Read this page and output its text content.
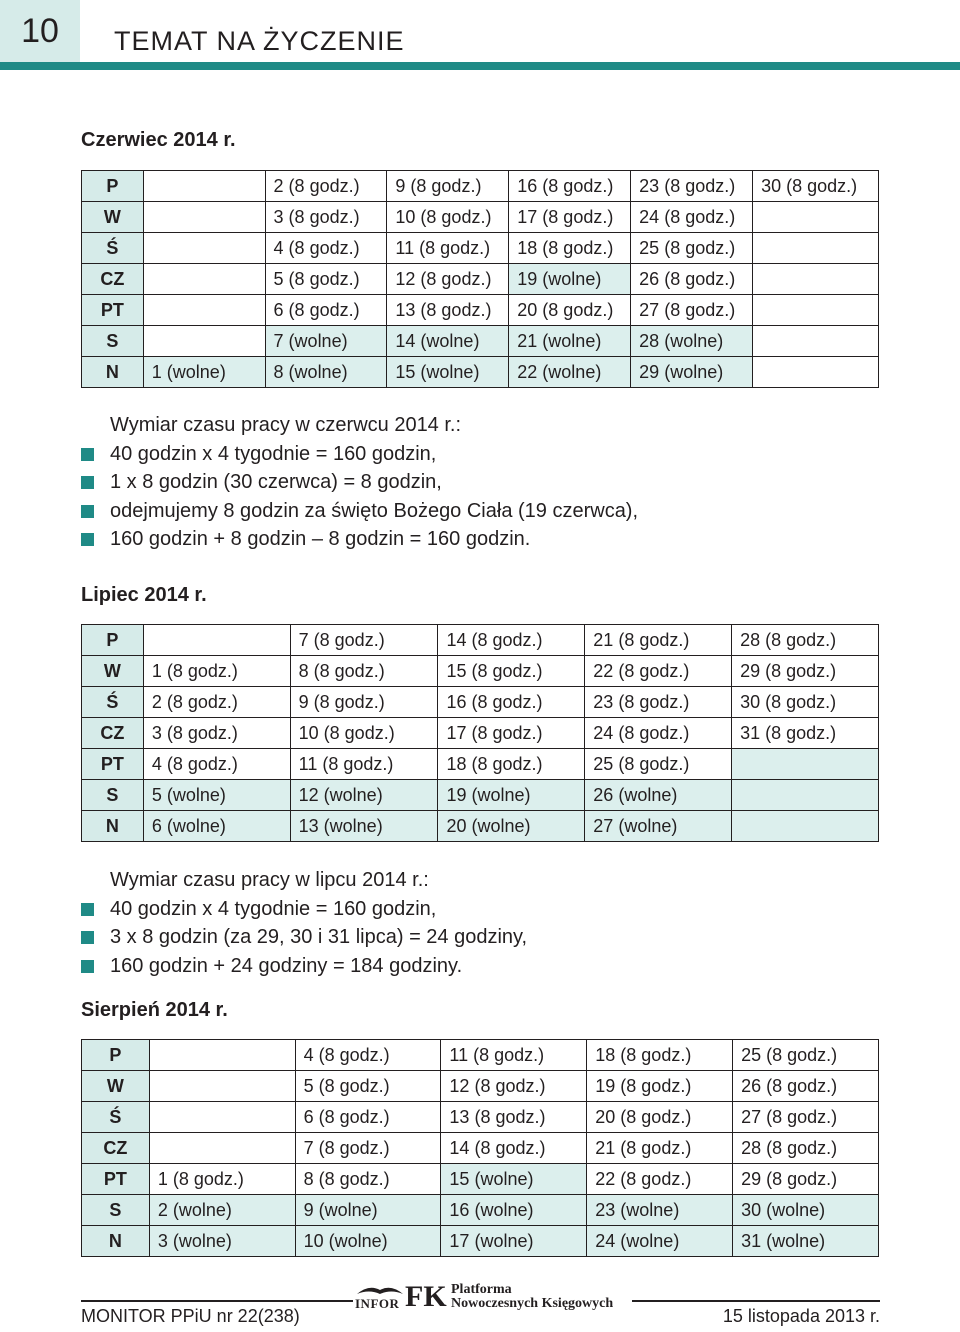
10	TEMAT NA ŻYCZENIE
Czerwiec 2014 r.
P		2 (8 godz.)	9 (8 godz.)	16 (8 godz.)	23 (8 godz.)	30 (8 godz.)
W		3 (8 godz.)	10 (8 godz.)	17 (8 godz.)	24 (8 godz.)	
Ś		4 (8 godz.)	11 (8 godz.)	18 (8 godz.)	25 (8 godz.)	
CZ		5 (8 godz.)	12 (8 godz.)	19 (wolne)	26 (8 godz.)	
PT		6 (8 godz.)	13 (8 godz.)	20 (8 godz.)	27 (8 godz.)	
S		7 (wolne)	14 (wolne)	21 (wolne)	28 (wolne)	
N	1 (wolne)	8 (wolne)	15 (wolne)	22 (wolne)	29 (wolne)	
Wymiar czasu pracy w czerwcu 2014 r.:
40 godzin x 4 tygodnie = 160 godzin,
1 x 8 godzin (30 czerwca) = 8 godzin,
odejmujemy 8 godzin za święto Bożego Ciała (19 czerwca),
160 godzin + 8 godzin – 8 godzin = 160 godzin.
Lipiec 2014 r.
P		7 (8 godz.)	14 (8 godz.)	21 (8 godz.)	28 (8 godz.)
W	1 (8 godz.)	8 (8 godz.)	15 (8 godz.)	22 (8 godz.)	29 (8 godz.)
Ś	2 (8 godz.)	9 (8 godz.)	16 (8 godz.)	23 (8 godz.)	30 (8 godz.)
CZ	3 (8 godz.)	10 (8 godz.)	17 (8 godz.)	24 (8 godz.)	31 (8 godz.)
PT	4 (8 godz.)	11 (8 godz.)	18 (8 godz.)	25 (8 godz.)	
S	5 (wolne)	12 (wolne)	19 (wolne)	26 (wolne)	
N	6 (wolne)	13 (wolne)	20 (wolne)	27 (wolne)	
Wymiar czasu pracy w lipcu 2014 r.:
40 godzin x 4 tygodnie = 160 godzin,
3 x 8 godzin (za 29, 30 i 31 lipca) = 24 godziny,
160 godzin + 24 godziny = 184 godziny.
Sierpień 2014 r.
P		4 (8 godz.)	11 (8 godz.)	18 (8 godz.)	25 (8 godz.)
W		5 (8 godz.)	12 (8 godz.)	19 (8 godz.)	26 (8 godz.)
Ś		6 (8 godz.)	13 (8 godz.)	20 (8 godz.)	27 (8 godz.)
CZ		7 (8 godz.)	14 (8 godz.)	21 (8 godz.)	28 (8 godz.)
PT	1 (8 godz.)	8 (8 godz.)	15 (wolne)	22 (8 godz.)	29 (8 godz.)
S	2 (wolne)	9 (wolne)	16 (wolne)	23 (wolne)	30 (wolne)
N	3 (wolne)	10 (wolne)	17 (wolne)	24 (wolne)	31 (wolne)
INFOR FK Platforma
Nowoczesnych Księgowych
MONITOR PPiU nr 22(238)	15 listopada 2013 r.
